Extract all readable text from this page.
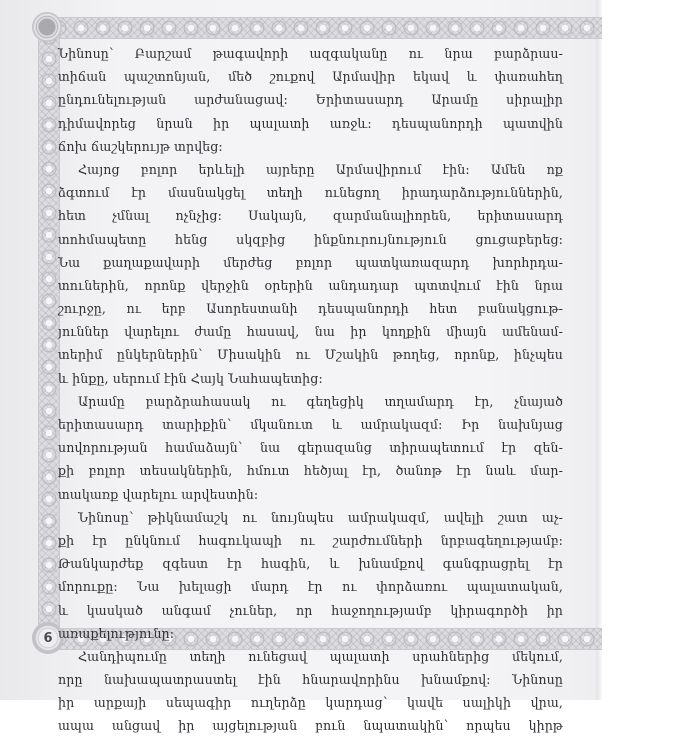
6
Նինոսը՝ Բարշամ թագավորի ազգականը ու նրա բարձրաս-
տիճան պաշտոնյան, մեծ շուքով Արմավիր եկավ և փառահեղ
ընդունելության արժանացավ: Երիտասարդ Արամը սիրալիր
դիմավորեց նրան իր պալատի առջև: դեսպանորդի պատվին
ճոխ ճաշկերույթ տրվեց:
Հայոց բոլոր երևելի այրերը Արմավիրում էին: Ամեն ոք
ձգտում էր մասնակցել տեղի ունեցող իրադարձություններին,
հետ չմնալ ոչնչից: Սակայն, զարմանալիորեն, երիտասարդ
տոհմապետը հենց սկզբից ինքնուրույնություն ցուցաբերեց:
Նա քաղաքավարի մերժեց բոլոր պատկառազարդ խորհրդա-
տուներին, որոնք վերջին օրերին անդադար պտտվում էին նրա
շուրջը, ու երբ Ասորեստանի դեսպանորդի հետ բանակցութ-
յուններ վարելու ժամը հասավ, նա իր կողքին միայն ամենամ-
տերիմ ընկերներին՝ Միսակին ու Մշակին թողեց, որոնք, ինչպես
և ինքը, սերում էին Հայկ Նահապետից:
Արամը բարձրահասակ ու գեղեցիկ տղամարդ էր, չնայած
երիտասարդ տարիքին՝ մկանուտ և ամրակազմ: Իր նախնյաց
սովորության համաձայն՝ նա գերազանց տիրապետում էր զեն-
քի բոլոր տեսակներին, հմուտ հեծյալ էր, ծանոթ էր նաև մար-
տակառք վարելու արվեստին:
Նինոսը՝ թիկնամաշկ ու նույնպես ամրակազմ, ավելի շատ աչ-
քի էր ընկնում հագուկապի ու շարժումների նրբագեղությամբ:
Թանկարժեք զգեստ էր հագին, և խնամքով գանգրացրել էր
մորուքը: Նա խելացի մարդ էր ու փորձառու պալատական,
և կասկած անգամ չուներ, որ հաջողությամբ կիրագործի իր
առաքելությունը:
Հանդիպումը տեղի ունեցավ պալատի սրահներից մեկում,
որը նախապատրաստել էին հնարավորինս խնամքով: Նինոսը
իր արքայի սեպագիր ուղերձը կարդաց՝ կավե սալիկի վրա,
ապա անցավ իր այցելության բուն նպատակին՝ որպես կիրթ
